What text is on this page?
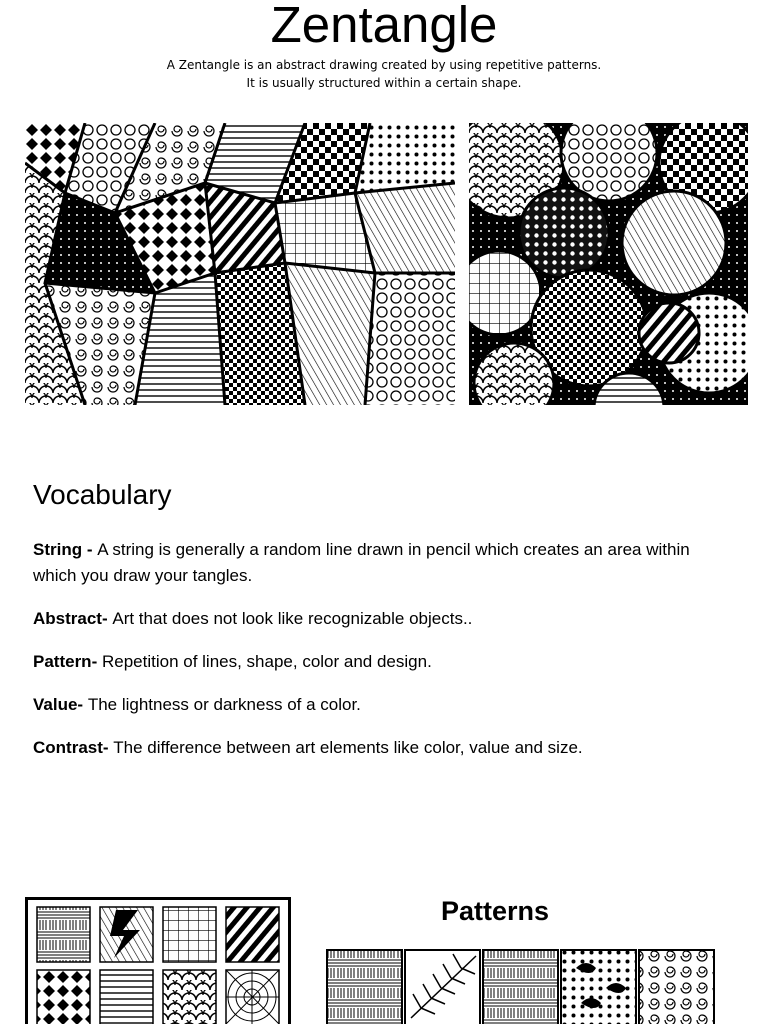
Zentangle
A Zentangle is an abstract drawing created by using repetitive patterns.
It is usually structured within a certain shape.
Vocabulary

String - A string is generally a random line drawn in pencil which creates an area within which you draw your tangles.

Abstract- Art that does not look like recognizable objects..

Pattern- Repetition of lines, shape, color and design.

Value- The lightness or darkness of a color.

Contrast- The difference between art elements like color, value and size.

Patterns
